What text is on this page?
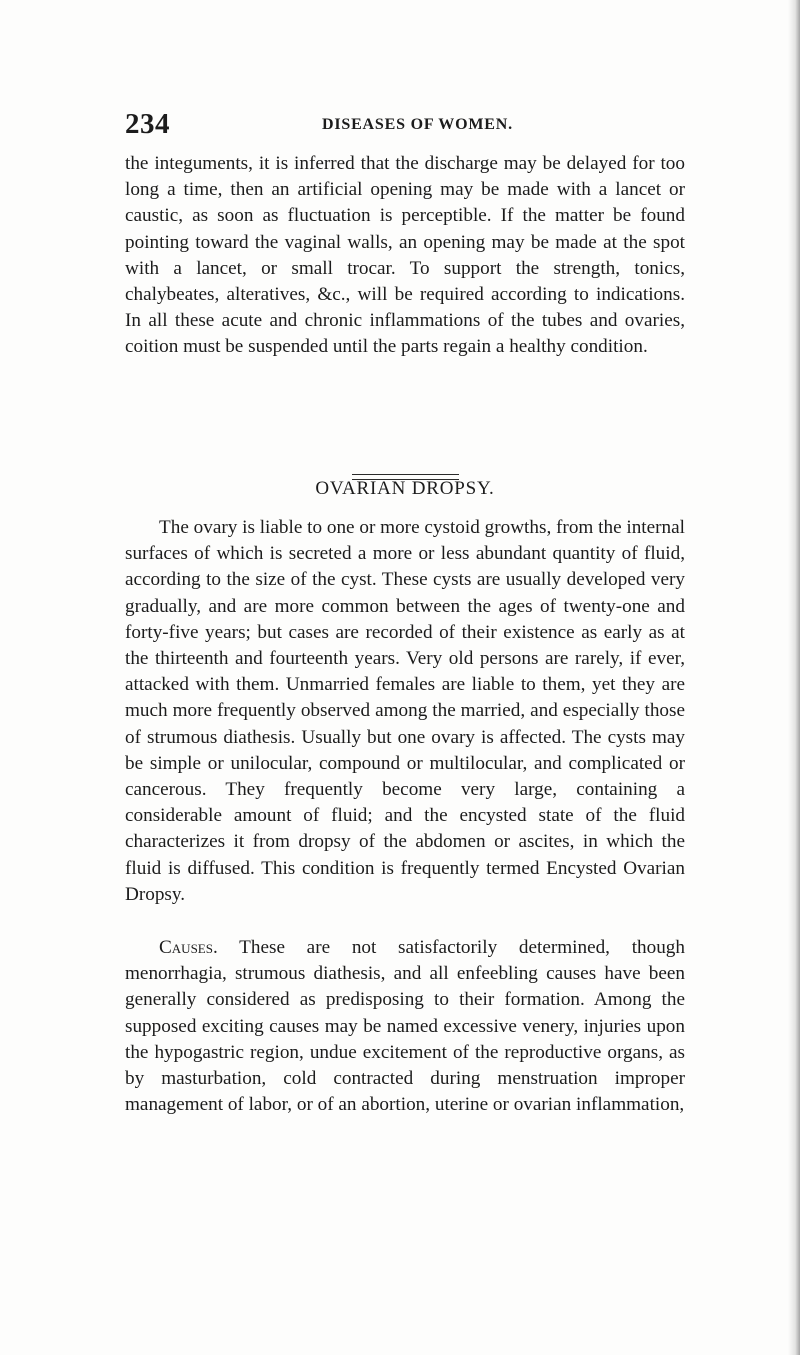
234	DISEASES OF WOMEN.
the integuments, it is inferred that the discharge may be delayed for too long a time, then an artificial opening may be made with a lancet or caustic, as soon as fluctuation is perceptible. If the matter be found pointing toward the vaginal walls, an opening may be made at the spot with a lancet, or small trocar. To support the strength, tonics, chalybeates, alteratives, &c., will be required according to indications. In all these acute and chronic inflammations of the tubes and ovaries, coition must be suspended until the parts regain a healthy condition.
OVARIAN DROPSY.
The ovary is liable to one or more cystoid growths, from the internal surfaces of which is secreted a more or less abundant quantity of fluid, according to the size of the cyst. These cysts are usually developed very gradually, and are more common between the ages of twenty-one and forty-five years; but cases are recorded of their existence as early as at the thirteenth and fourteenth years. Very old persons are rarely, if ever, attacked with them. Unmarried females are liable to them, yet they are much more frequently observed among the married, and especially those of strumous diathesis. Usually but one ovary is affected. The cysts may be simple or unilocular, compound or multilocular, and complicated or cancerous. They frequently become very large, containing a considerable amount of fluid; and the encysted state of the fluid characterizes it from dropsy of the abdomen or ascites, in which the fluid is diffused. This condition is frequently termed Encysted Ovarian Dropsy.
Causes. These are not satisfactorily determined, though menorrhagia, strumous diathesis, and all enfeebling causes have been generally considered as predisposing to their formation. Among the supposed exciting causes may be named excessive venery, injuries upon the hypogastric region, undue excitement of the reproductive organs, as by masturbation, cold contracted during menstruation improper management of labor, or of an abortion, uterine or ovarian inflammation,
